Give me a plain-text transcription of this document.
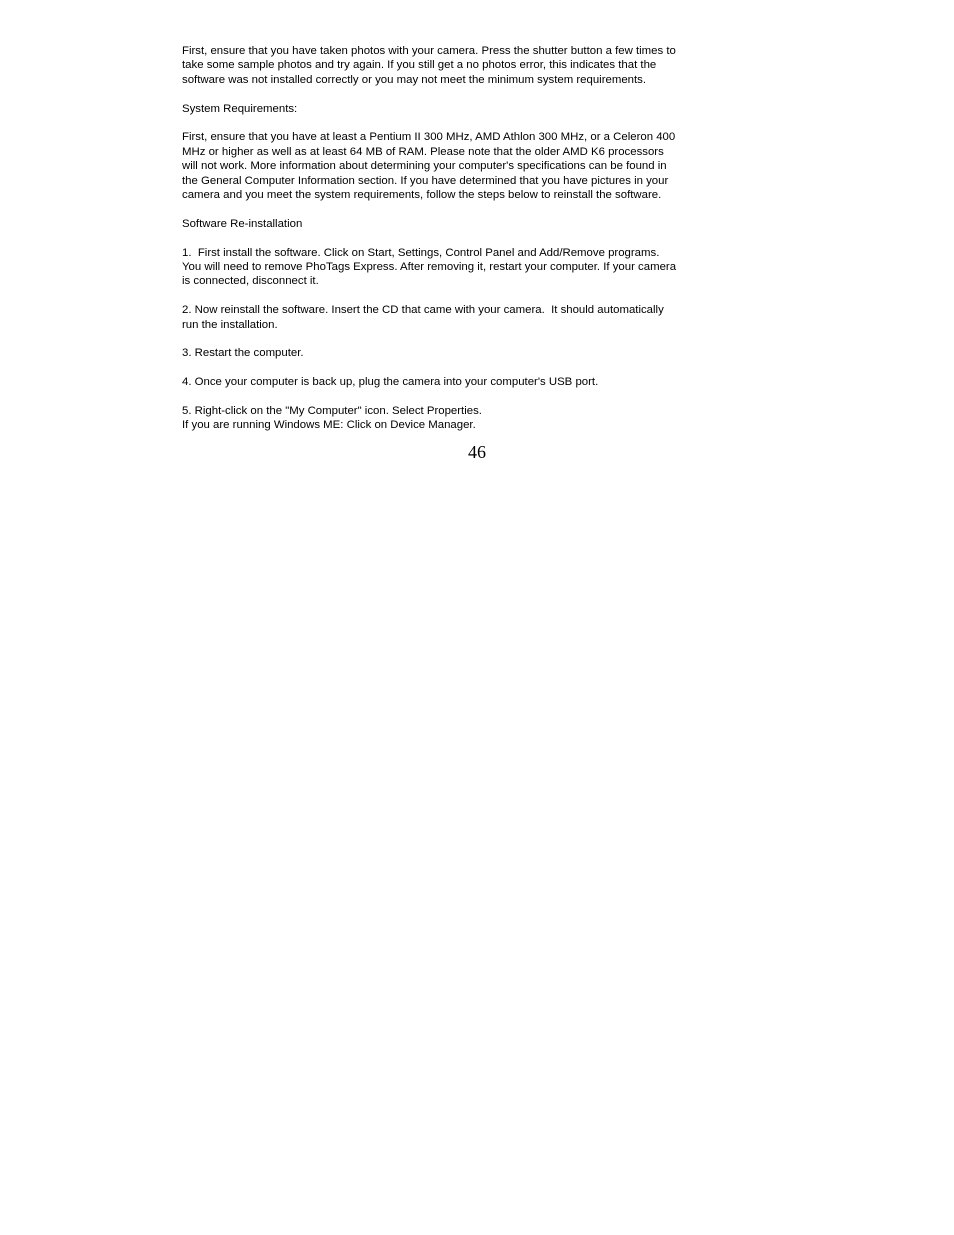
First, ensure that you have taken photos with your camera. Press the shutter button a few times to
take some sample photos and try again. If you still get a no photos error, this indicates that the
software was not installed correctly or you may not meet the minimum system requirements.

System Requirements:

First, ensure that you have at least a Pentium II 300 MHz, AMD Athlon 300 MHz, or a Celeron 400
MHz or higher as well as at least 64 MB of RAM. Please note that the older AMD K6 processors
will not work. More information about determining your computer's specifications can be found in
the General Computer Information section. If you have determined that you have pictures in your
camera and you meet the system requirements, follow the steps below to reinstall the software.

Software Re-installation

1.  First install the software. Click on Start, Settings, Control Panel and Add/Remove programs.
You will need to remove PhoTags Express. After removing it, restart your computer. If your camera
is connected, disconnect it.

2. Now reinstall the software. Insert the CD that came with your camera.  It should automatically
run the installation.

3. Restart the computer.

4. Once your computer is back up, plug the camera into your computer's USB port.

5. Right-click on the "My Computer" icon. Select Properties.
If you are running Windows ME: Click on Device Manager.

46
